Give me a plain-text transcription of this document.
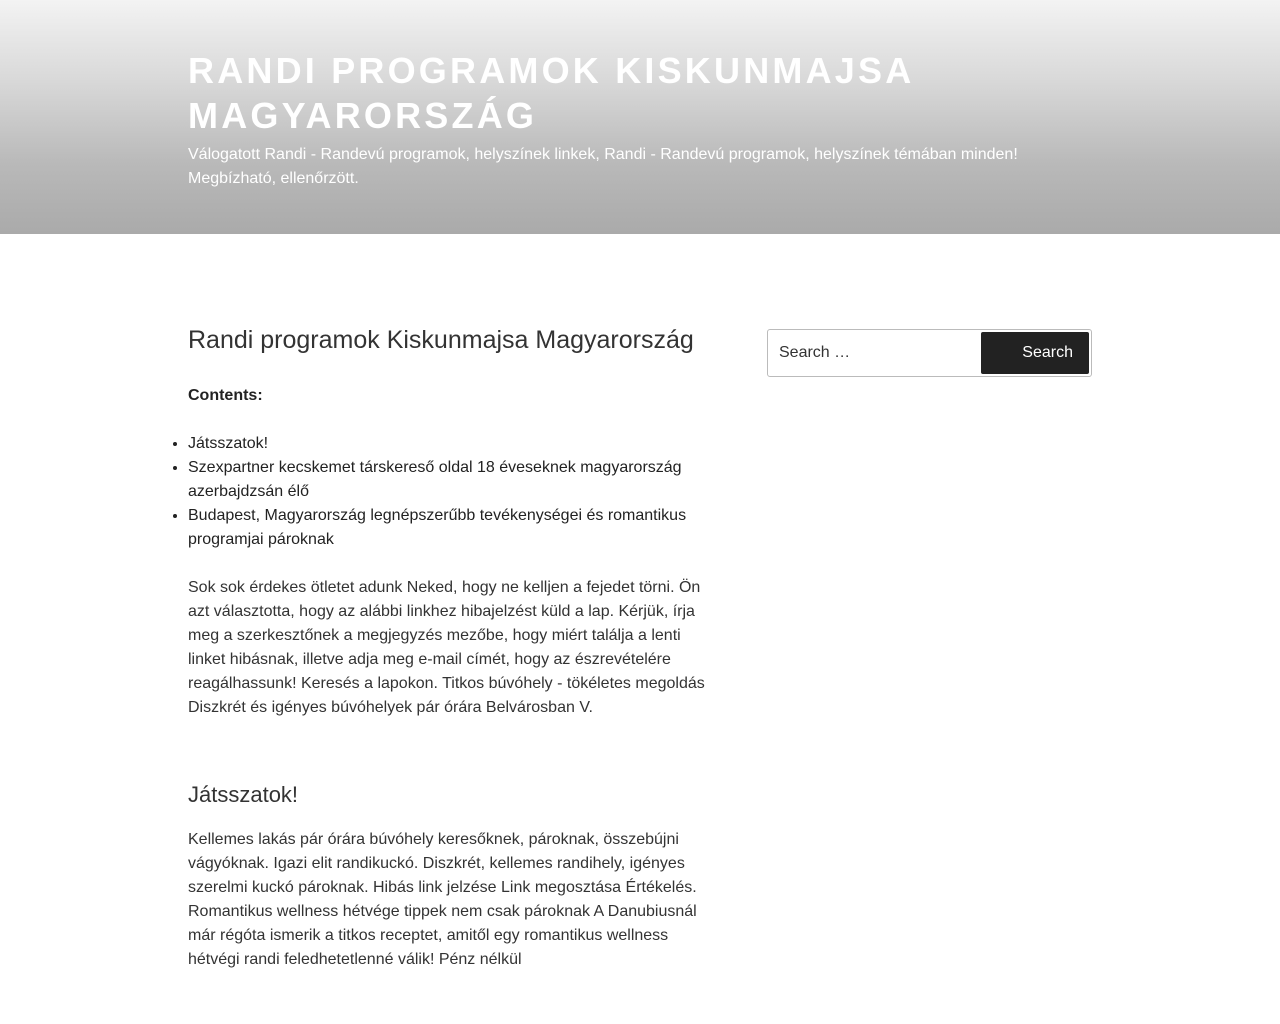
RANDI PROGRAMOK KISKUNMAJSA MAGYARORSZÁG

Válogatott Randi - Randevú programok, helyszínek linkek, Randi - Randevú programok, helyszínek témában minden! Megbízható, ellenőrzött.

Randi programok Kiskunmajsa Magyarország
Contents:
• Játsszatok!
• Szexpartner kecskemet társkereső oldal 18 éveseknek magyarország azerbajdzsán élő
• Budapest, Magyarország legnépszerűbb tevékenységei és romantikus programjai pároknak

Sok sok érdekes ötletet adunk Neked, hogy ne kelljen a fejedet törni. Ön azt választotta, hogy az alábbi linkhez hibajelzést küld a lap. Kérjük, írja meg a szerkesztőnek a megjegyzés mezőbe, hogy miért találja a lenti linket hibásnak, illetve adja meg e-mail címét, hogy az észrevételére reagálhassunk! Keresés a lapokon. Titkos búvóhely - tökéletes megoldás Diszkrét és igényes búvóhelyek pár órára Belvárosban V.

Játsszatok!

Kellemes lakás pár órára búvóhely keresőknek, pároknak, összebújni vágyóknak. Igazi elit randikuckó. Diszkrét, kellemes randihely, igényes szerelmi kuckó pároknak. Hibás link jelzése Link megosztása Értékelés. Romantikus wellness hétvége tippek nem csak pároknak A Danubiusnál már régóta ismerik a titkos receptet, amitől egy romantikus wellness hétvégi randi feledhetetlenné válik! Pénz nélkül

Search …
Search
